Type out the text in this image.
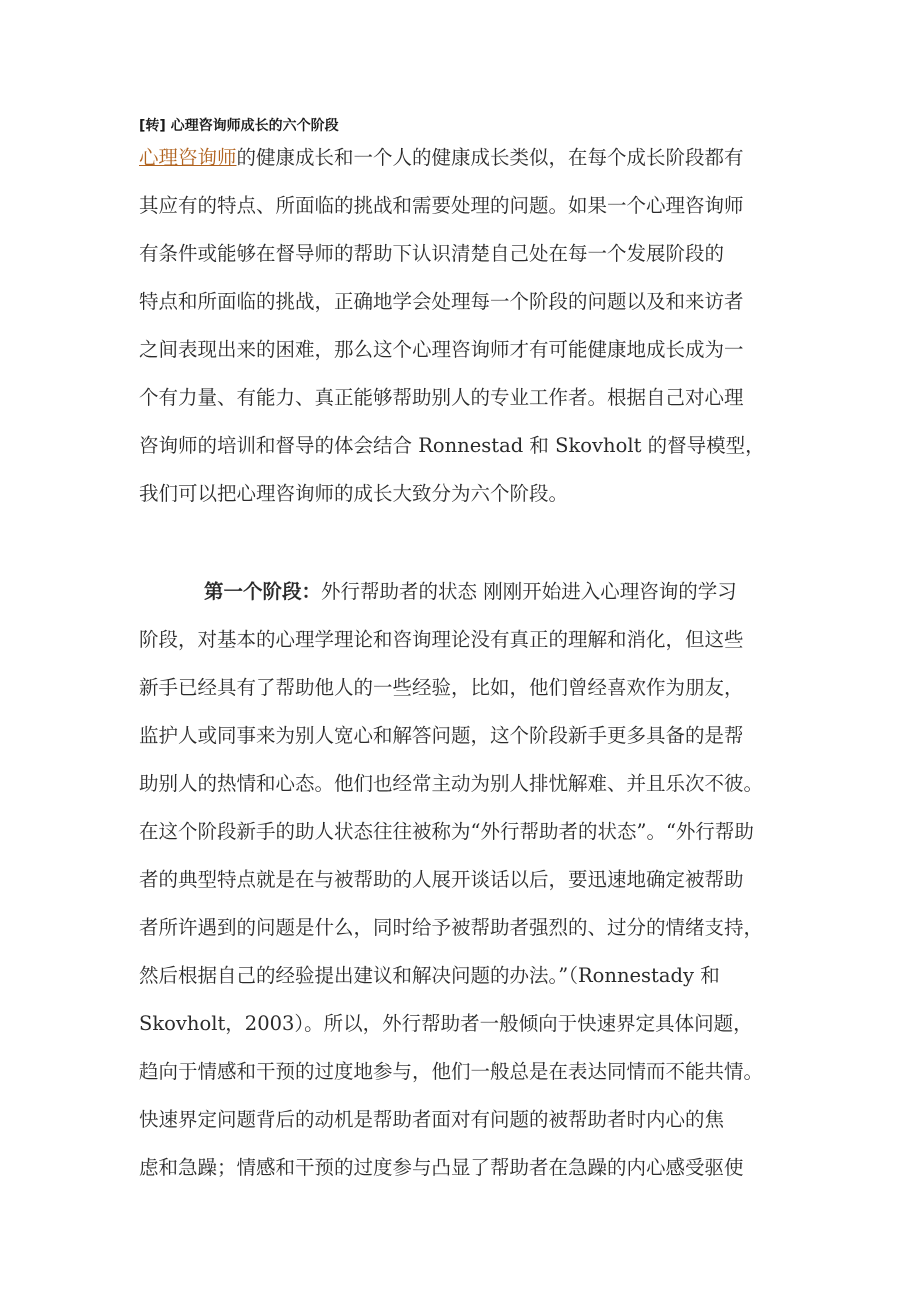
[转] 心理咨询师成长的六个阶段
心理咨询师的健康成长和一个人的健康成长类似，在每个成长阶段都有
其应有的特点、所面临的挑战和需要处理的问题。如果一个心理咨询师
有条件或能够在督导师的帮助下认识清楚自己处在每一个发展阶段的
特点和所面临的挑战，正确地学会处理每一个阶段的问题以及和来访者
之间表现出来的困难，那么这个心理咨询师才有可能健康地成长成为一
个有力量、有能力、真正能够帮助别人的专业工作者。根据自己对心理
咨询师的培训和督导的体会结合 Ronnestad 和 Skovholt 的督导模型，
我们可以把心理咨询师的成长大致分为六个阶段。
第一个阶段：外行帮助者的状态 刚刚开始进入心理咨询的学习
阶段，对基本的心理学理论和咨询理论没有真正的理解和消化，但这些
新手已经具有了帮助他人的一些经验，比如，他们曾经喜欢作为朋友，
监护人或同事来为别人宽心和解答问题，这个阶段新手更多具备的是帮
助别人的热情和心态。他们也经常主动为别人排忧解难、并且乐次不彼。
在这个阶段新手的助人状态往往被称为“外行帮助者的状态”。“外行帮助
者的典型特点就是在与被帮助的人展开谈话以后，要迅速地确定被帮助
者所许遇到的问题是什么，同时给予被帮助者强烈的、过分的情绪支持，
然后根据自己的经验提出建议和解决问题的办法。”（Ronnestady 和
Skovholt，2003）。所以，外行帮助者一般倾向于快速界定具体问题，
趋向于情感和干预的过度地参与，他们一般总是在表达同情而不能共情。
快速界定问题背后的动机是帮助者面对有问题的被帮助者时内心的焦
虑和急躁；情感和干预的过度参与凸显了帮助者在急躁的内心感受驱使
